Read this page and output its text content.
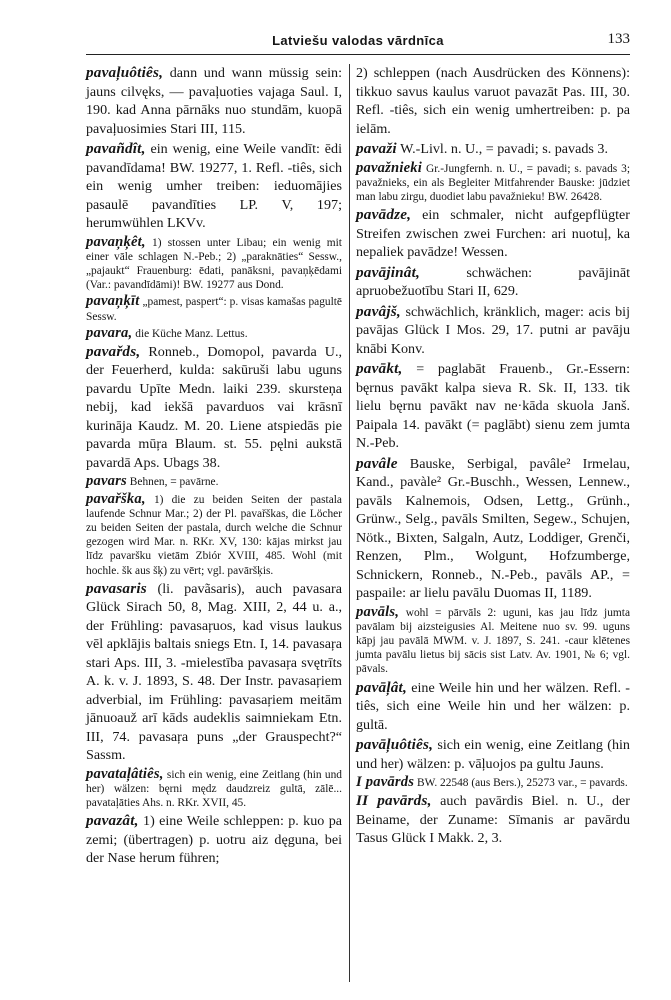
Latviešu valodas vārdnīca	133

pavaļuôtiês, dann und wann müssig sein: jauns cilvęks, — pavaļuoties vajaga Saul. I, 190. kad Anna pārnāks nuo stundām, kuopā pavaļuosimies Stari III, 115.

pavañdît, ein wenig, eine Weile vandīt: ēdi pavandīdama! BW. 19277, 1. Refl. -tiês, sich ein wenig umher treiben: ieduomājies pasaulē pavandīties LP. V, 197; herumwühlen LKVv.

pavaņķêt, 1) stossen unter Libau; ein wenig mit einer vāle schlagen N.-Peb.; 2) „paraknāties“ Sessw., „pajaukt“ Frauenburg: ēdati, panāksni, pavaņķēdami (Var.: pavandīdāmi)! BW. 19277 aus Dond.

pavaņķīt „pamest, paspert“: p. visas kamašas pagultē Sessw.

pavara, die Küche Manz. Lettus.

pavařds, Ronneb., Domopol, pavarda U., der Feuerherd, kulda: sakūruši labu uguns pavardu Upīte Medn. laiki 239. skursteņa nebij, kad iekšā pavarduos vai krāsnī kurināja Kaudz. M. 20. Liene atspiedās pie pavarda mūŗa Blaum. st. 55. pęlni aukstā pavardā Aps. Ubags 38.

pavars Behnen, = pavārne.

pavařška, 1) die zu beiden Seiten der pastala laufende Schnur Mar.; 2) der Pl. pavařškas, die Löcher zu beiden Seiten der pastala, durch welche die Schnur gezogen wird Mar. n. RKr. XV, 130: kājas mirkst jau līdz pavaršku vietām Zbiór XVIII, 485. Wohl (mit hochle. šk aus šķ) zu vērt; vgl. pavāršķis.

pavasaris (li. pavãsaris), auch pavasara Glück Sirach 50, 8, Mag. XIII, 2, 44 u. a., der Frühling: pavasaŗuos, kad visus laukus vēl apklājis baltais sniegs Etn. I, 14. pavasaŗa stari Aps. III, 3. -mielestība pavasaŗa svętrīts A. k. v. J. 1893, S. 48. Der Instr. pavasaŗiem adverbial, im Frühling: pavasaŗiem meitām jānuoauž arī kāds audeklis saimniekam Etn. III, 74. pavasaŗa puns „der Grauspecht?“ Sassm.

pavataļâtiês, sich ein wenig, eine Zeitlang (hin und her) wälzen: bęrni mędz daudzreiz gultā, zālē... pavataļāties Ahs. n. RKr. XVII, 45.

pavazât, 1) eine Weile schleppen: p. kuo pa zemi; (übertragen) p. uotru aiz dęguna, bei der Nase herum führen;

2) schleppen (nach Ausdrücken des Könnens): tikkuo savus kaulus varuot pavazāt Pas. III, 30. Refl. -tiês, sich ein wenig umhertreiben: p. pa ielām.

pavaži W.-Livl. n. U., = pavadi; s. pavads 3.

pavažnieki Gr.-Jungfernh. n. U., = pavadi; s. pavads 3; pavažnieks, ein als Begleiter Mitfahrender Bauske: jūdziet man labu zirgu, duodiet labu pavažnieku! BW. 26428.

pavādze, ein schmaler, nicht aufgepflügter Streifen zwischen zwei Furchen: ari nuotuļ, ka nepaliek pavādze! Wessen.

pavājinât,	schwächen: pavājināt apruobežuotību Stari II, 629.

pavâjš, schwächlich, kränklich, mager: acis bij pavājas Glück I Mos. 29, 17. putni ar pavāju knābi Konv.

pavākt, = paglabāt Frauenb., Gr.-Essern: bęrnus pavākt kalpa sieva R. Sk. II, 133. tik lielu bęrnu pavākt nav ne·kāda skuola Janš. Paipala 14. pavākt (= paglābt) sienu zem jumta N.-Peb.

pavâle Bauske, Serbigal, pavâle² Irmelau, Kand., pavàle² Gr.-Buschh., Wessen, Lennew., pavāls Kalnemois, Odsen, Lettg., Grünh., Grünw., Selg., pavāls Smilten, Segew., Schujen, Nötk., Bixten, Salgaln, Autz, Loddiger, Grenči, Renzen, Plm., Wolgunt, Hofzumberge, Schnickern, Ronneb., N.-Peb., pavāls AP., = paspaile: ar lielu pavālu Duomas II, 1189.

pavāls, wohl = pārvāls 2: uguni, kas jau līdz jumta pavālam bij aizsteigusies Al. Meitene nuo sv. 99. uguns kāpj jau pavālā MWM. v. J. 1897, S. 241. -caur klētenes jumta pavālu lietus bij sācis sist Latv. Av. 1901, № 6; vgl. pāvals.

pavāļât, eine Weile hin und her wälzen. Refl. -tiês, sich eine Weile hin und her wälzen: p. gultā.

pavāļuôtiês, sich ein wenig, eine Zeitlang (hin und her) wälzen: p. vāļuojos pa gultu Jauns.

I pavārds BW. 22548 (aus Bers.), 25273 var., = pavards.

II pavārds, auch pavārdis Biel. n. U., der Beiname, der Zuname: Sīmanis ar pavārdu Tasus Glück I Makk. 2, 3.
